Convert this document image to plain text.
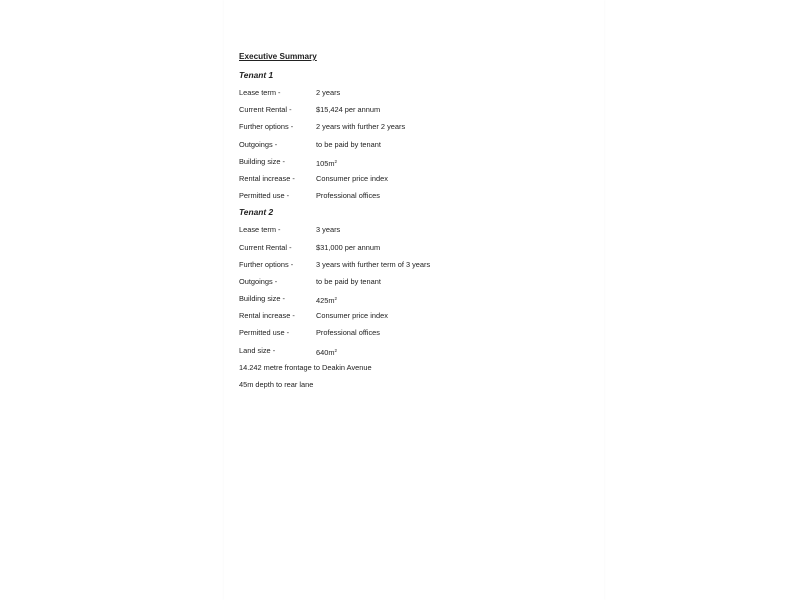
Executive Summary
Tenant 1
Lease term -	2 years
Current Rental -	$15,424 per annum
Further options -	2 years with further 2 years
Outgoings -	to be paid by tenant
Building size -	$105m^2$
Rental increase -	Consumer price index
Permitted use -	Professional offices
Tenant 2
Lease term -	3 years
Current Rental -	$31,000 per annum
Further options -	3 years with further term of 3 years
Outgoings -	to be paid by tenant
Building size -	$425m^2$
Rental increase -	Consumer price index
Permitted use -	Professional offices
Land size -	$640m^2$
14.242 metre frontage to Deakin Avenue
45m depth to rear lane
